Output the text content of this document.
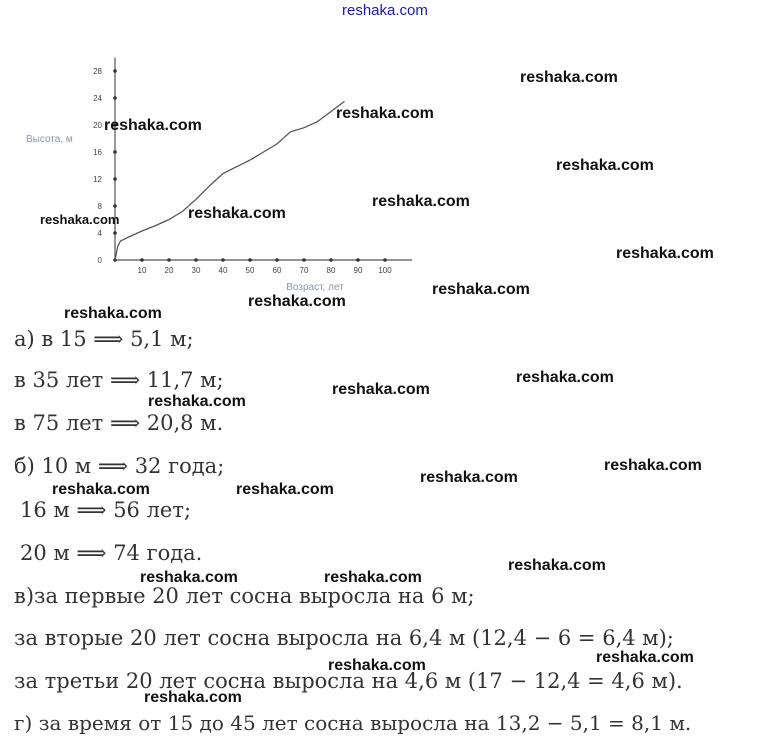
reshaka.com
10 20 30 40 50 60 70 80 90 100
0
4
8
12
16
20
24
28
Возраст, лет
Высота, м
reshaka.com
reshaka.com
reshaka.com
reshaka.com
reshaka.com	reshaka.com
reshaka.com
reshaka.com
reshaka.com
reshaka.com
reshaka.com
reshaka.com
reshaka.com
reshaka.com
reshaka.com
reshaka.com
reshaka.com
reshaka.com
reshaka.com
reshaka.com
reshaka.com
reshaka.com
reshaka.com
reshaka.com
а) в 15 ⟹ 5,1 м;
в 35 лет ⟹ 11,7 м;
в 75 лет ⟹ 20,8 м.
б) 10 м ⟹ 32 года;
16 м ⟹ 56 лет;
20 м ⟹ 74 года.
в)за первые 20 лет сосна выросла на 6 м;
за вторые 20 лет сосна выросла на 6,4 м (12,4 − 6 = 6,4 м);
за третьи 20 лет сосна выросла на 4,6 м (17 − 12,4 = 4,6 м).
г) за время от 15 до 45 лет сосна выросла на 13,2 − 5,1 = 8,1 м.
